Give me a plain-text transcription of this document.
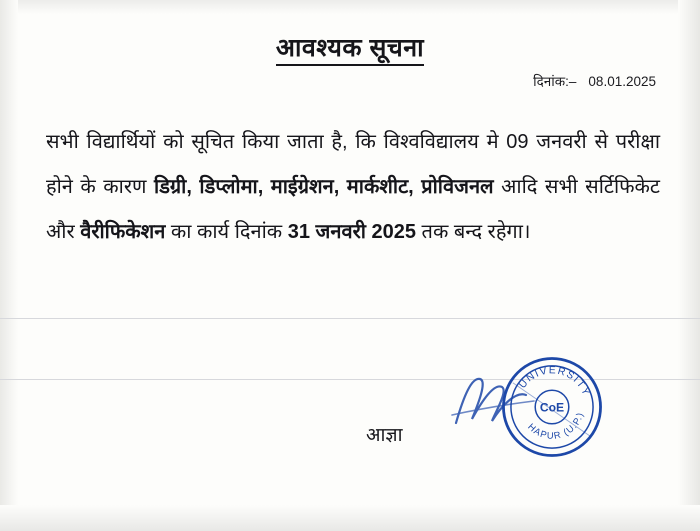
आवश्यक सूचना
दिनांक:– 08.01.2025
सभी विद्यार्थियों को सूचित किया जाता है, कि विश्वविद्यालय मे 09 जनवरी से परीक्षा होने के कारण डिग्री, डिप्लोमा, माईग्रेशन, मार्कशीट, प्रोविजनल आदि सभी सर्टिफिकेट और वैरीफिकेशन का कार्य दिनांक 31 जनवरी 2025 तक बन्द रहेगा।
आज्ञा
UNIVERSITY
HAPUR (U.P.)
CoE
